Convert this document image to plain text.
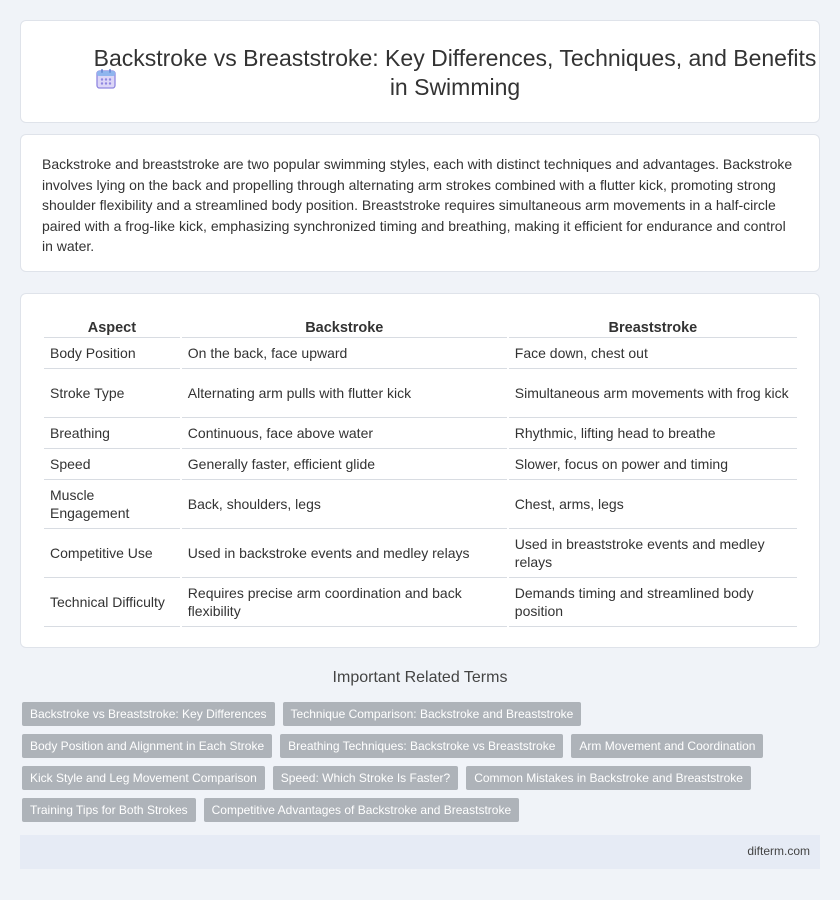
Backstroke vs Breaststroke: Key Differences, Techniques, and Benefits in Swimming

Backstroke and breaststroke are two popular swimming styles, each with distinct techniques and advantages. Backstroke involves lying on the back and propelling through alternating arm strokes combined with a flutter kick, promoting strong shoulder flexibility and a streamlined body position. Breaststroke requires simultaneous arm movements in a half-circle paired with a frog-like kick, emphasizing synchronized timing and breathing, making it efficient for endurance and control in water.

Aspect	Backstroke	Breaststroke
Body Position	On the back, face upward	Face down, chest out
Stroke Type	Alternating arm pulls with flutter kick	Simultaneous arm movements with frog kick
Breathing	Continuous, face above water	Rhythmic, lifting head to breathe
Speed	Generally faster, efficient glide	Slower, focus on power and timing
Muscle Engagement	Back, shoulders, legs	Chest, arms, legs
Competitive Use	Used in backstroke events and medley relays	Used in breaststroke events and medley relays
Technical Difficulty	Requires precise arm coordination and back flexibility	Demands timing and streamlined body position
Important Related Terms
Backstroke vs Breaststroke: Key Differences	Technique Comparison: Backstroke and Breaststroke
Body Position and Alignment in Each Stroke	Breathing Techniques: Backstroke vs Breaststroke	Arm Movement and Coordination
Kick Style and Leg Movement Comparison	Speed: Which Stroke Is Faster?	Common Mistakes in Backstroke and Breaststroke
Training Tips for Both Strokes	Competitive Advantages of Backstroke and Breaststroke
difterm.com
